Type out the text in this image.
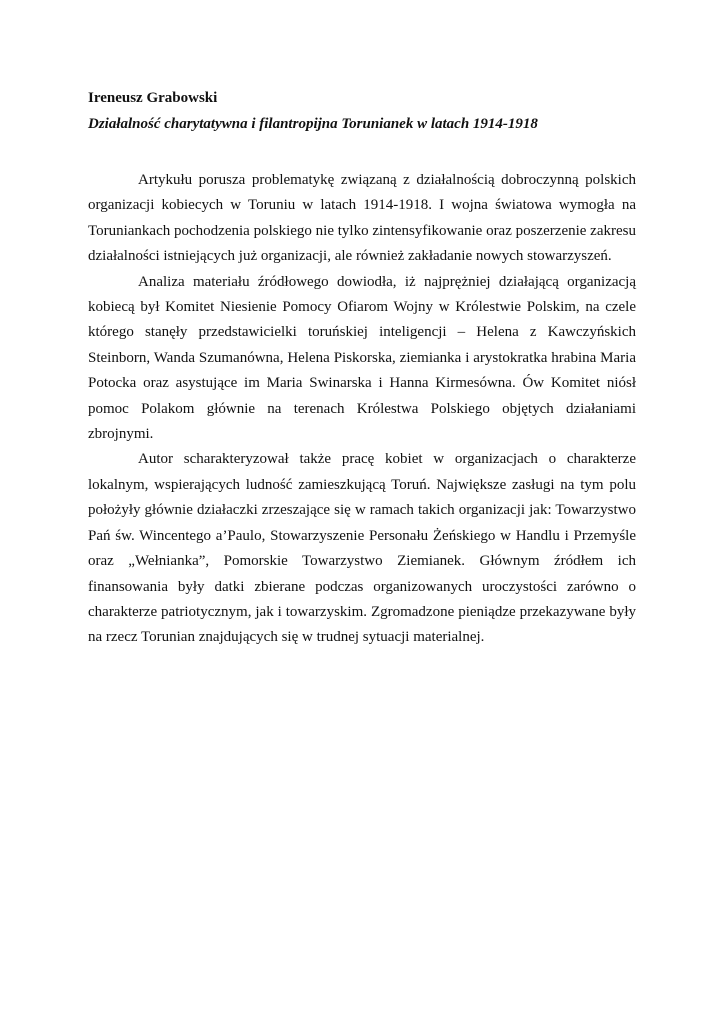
Ireneusz Grabowski

Działalność charytatywna i filantropijna Torunianek w latach 1914-1918

Artykułu porusza problematykę związaną z działalnością dobroczynną polskich organizacji kobiecych w Toruniu w latach 1914-1918. I wojna światowa wymogła na Toruniankach pochodzenia polskiego nie tylko zintensyfikowanie oraz poszerzenie zakresu działalności istniejących już organizacji, ale również zakładanie nowych stowarzyszeń.

Analiza materiału źródłowego dowiodła, iż najprężniej działającą organizacją kobiecą był Komitet Niesienie Pomocy Ofiarom Wojny w Królestwie Polskim, na czele którego stanęły przedstawicielki toruńskiej inteligencji – Helena z Kawczyńskich Steinborn, Wanda Szumanówna, Helena Piskorska, ziemianka i arystokratka hrabina Maria Potocka oraz asystujące im Maria Swinarska i Hanna Kirmesówna. Ów Komitet niósł pomoc Polakom głównie na terenach Królestwa Polskiego objętych działaniami zbrojnymi.

Autor scharakteryzował także pracę kobiet w organizacjach o charakterze lokalnym, wspierających ludność zamieszkującą Toruń. Największe zasługi na tym polu położyły głównie działaczki zrzeszające się w ramach takich organizacji jak: Towarzystwo Pań św. Wincentego a’Paulo, Stowarzyszenie Personału Żeńskiego w Handlu i Przemyśle oraz „Wełnianka”, Pomorskie Towarzystwo Ziemianek. Głównym źródłem ich finansowania były datki zbierane podczas organizowanych uroczystości zarówno o charakterze patriotycznym, jak i towarzyskim. Zgromadzone pieniądze przekazywane były na rzecz Torunian znajdujących się w trudnej sytuacji materialnej.
